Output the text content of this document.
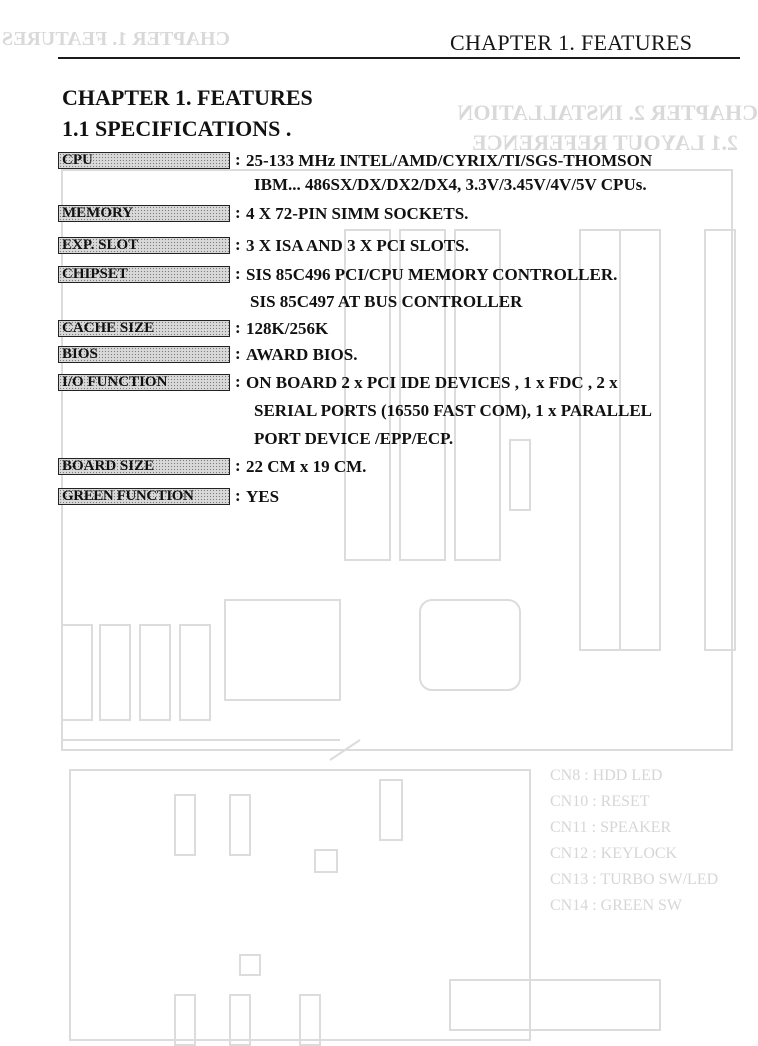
CHAPTER 2. INSTALLATION
2.1 LAYOUT REFERENCE
CHAPTER 1. FEATURES
CN8 : HDD LED
CN10 : RESET
CN11 : SPEAKER
CN12 : KEYLOCK
CN13 : TURBO SW/LED
CN14 : GREEN SW
CHAPTER 1. FEATURES
CHAPTER 1. FEATURES
1.1 SPECIFICATIONS .
CPU	: 25-133 MHz INTEL/AMD/CYRIX/TI/SGS-THOMSON
IBM... 486SX/DX/DX2/DX4, 3.3V/3.45V/4V/5V CPUs.
MEMORY	: 4 X 72-PIN SIMM SOCKETS.
EXP. SLOT	: 3 X ISA AND 3 X PCI SLOTS.
CHIPSET	: SIS 85C496 PCI/CPU MEMORY CONTROLLER.
SIS 85C497 AT BUS CONTROLLER
CACHE SIZE	: 128K/256K
BIOS	: AWARD BIOS.
I/O FUNCTION	: ON BOARD 2 x PCI IDE DEVICES , 1 x FDC , 2 x
SERIAL PORTS (16550 FAST COM), 1 x PARALLEL
PORT DEVICE /EPP/ECP.
BOARD SIZE	: 22 CM x 19 CM.
GREEN FUNCTION	: YES
